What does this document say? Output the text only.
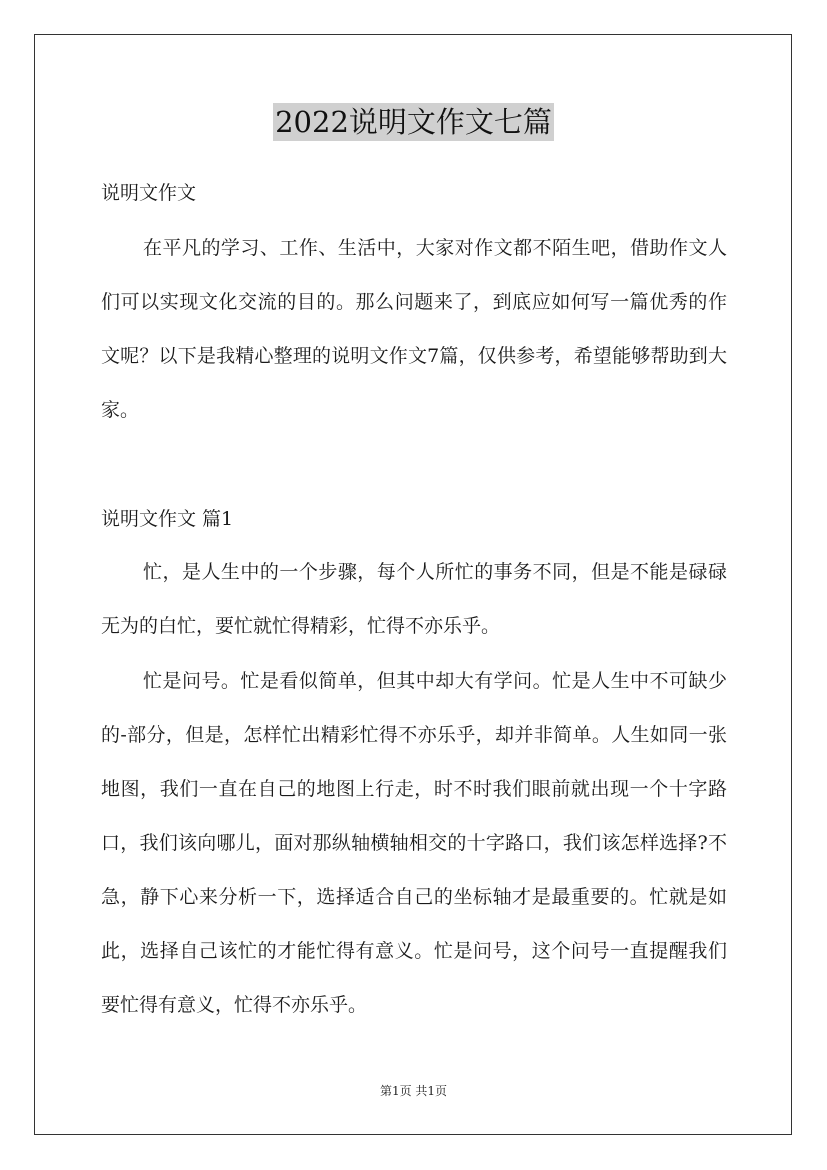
2022说明文作文七篇

说明文作文

在平凡的学习、工作、生活中，大家对作文都不陌生吧，借助作文人们可以实现文化交流的目的。那么问题来了，到底应如何写一篇优秀的作文呢？以下是我精心整理的说明文作文7篇，仅供参考，希望能够帮助到大家。

说明文作文 篇1

忙，是人生中的一个步骤，每个人所忙的事务不同，但是不能是碌碌无为的白忙，要忙就忙得精彩，忙得不亦乐乎。

忙是问号。忙是看似简单，但其中却大有学问。忙是人生中不可缺少的-部分，但是，怎样忙出精彩忙得不亦乐乎，却并非简单。人生如同一张地图，我们一直在自己的地图上行走，时不时我们眼前就出现一个十字路口，我们该向哪儿，面对那纵轴横轴相交的十字路口，我们该怎样选择?不急，静下心来分析一下，选择适合自己的坐标轴才是最重要的。忙就是如此，选择自己该忙的才能忙得有意义。忙是问号，这个问号一直提醒我们要忙得有意义，忙得不亦乐乎。

第1页 共1页
